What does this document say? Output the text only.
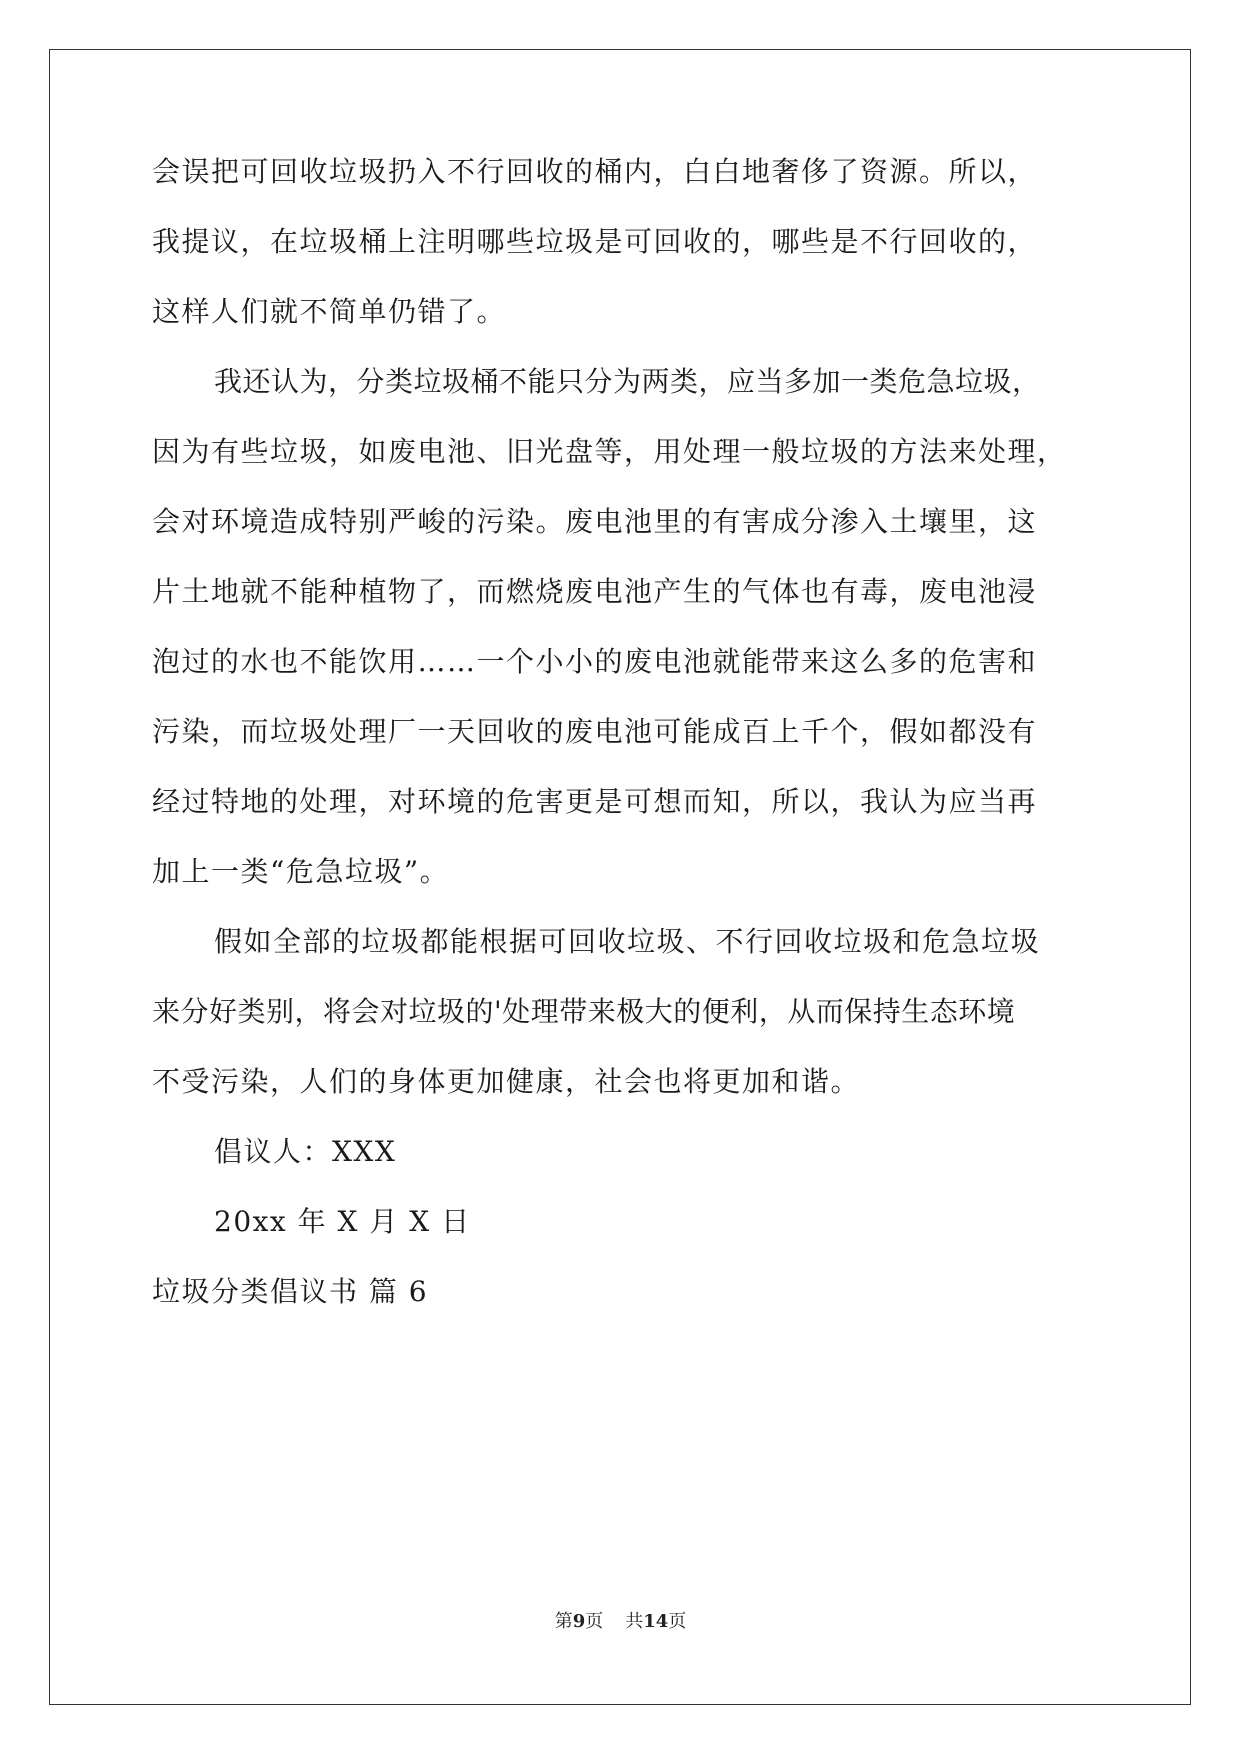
会误把可回收垃圾扔入不行回收的桶内，白白地奢侈了资源。所以，
我提议，在垃圾桶上注明哪些垃圾是可回收的，哪些是不行回收的，
这样人们就不简单仍错了。
我还认为，分类垃圾桶不能只分为两类，应当多加一类危急垃圾，
因为有些垃圾，如废电池、旧光盘等，用处理一般垃圾的方法来处理，
会对环境造成特别严峻的污染。废电池里的有害成分渗入土壤里，这
片土地就不能种植物了，而燃烧废电池产生的气体也有毒，废电池浸
泡过的水也不能饮用……一个小小的废电池就能带来这么多的危害和
污染，而垃圾处理厂一天回收的废电池可能成百上千个，假如都没有
经过特地的处理，对环境的危害更是可想而知，所以，我认为应当再
加上一类“危急垃圾”。
假如全部的垃圾都能根据可回收垃圾、不行回收垃圾和危急垃圾
来分好类别，将会对垃圾的'处理带来极大的便利，从而保持生态环境
不受污染，人们的身体更加健康，社会也将更加和谐。
倡议人：XXX
20xx 年 X 月 X 日
垃圾分类倡议书 篇 6
第9页 共14页
